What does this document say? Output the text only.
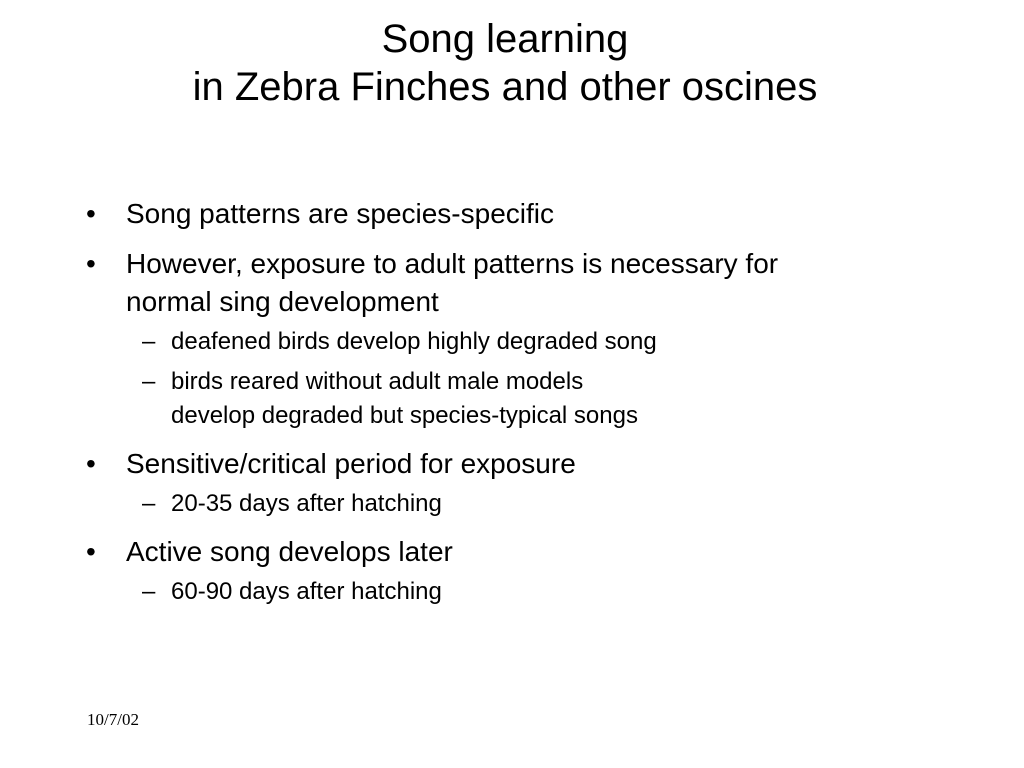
Song learning
in Zebra Finches and other oscines
• Song patterns are species-specific
• However, exposure to adult patterns is necessary for
normal sing development
– deafened birds develop highly degraded song
– birds reared without adult male models
develop degraded but species-typical songs
• Sensitive/critical period for exposure
– 20-35 days after hatching
• Active song develops later
– 60-90 days after hatching
10/7/02
